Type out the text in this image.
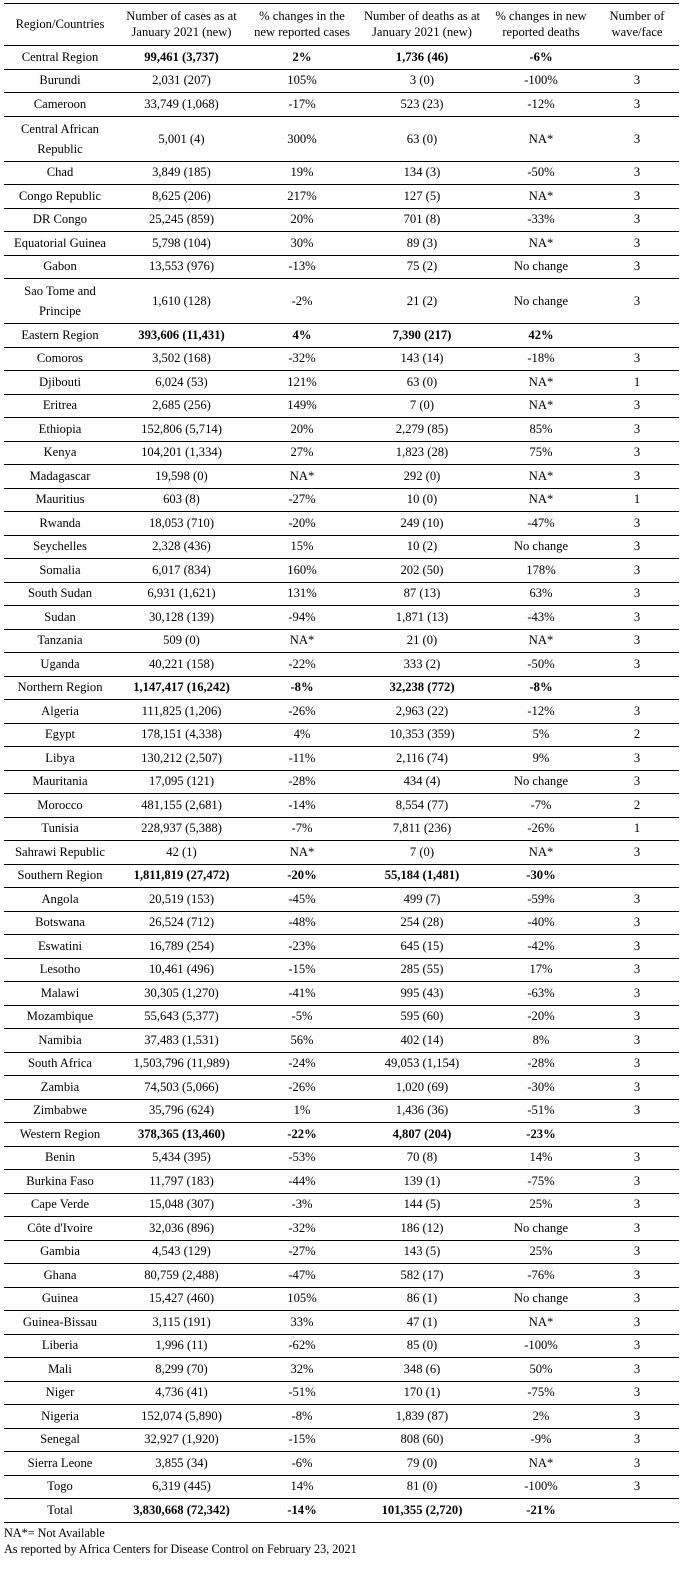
Region/Countries	Number of cases as at January 2021 (new)	% changes in the new reported cases	Number of deaths as at January 2021 (new)	% changes in new reported deaths	Number of wave/face
Central Region	99,461 (3,737)	2%	1,736 (46)	-6%	
Burundi	2,031 (207)	105%	3 (0)	-100%	3
Cameroon	33,749 (1,068)	-17%	523 (23)	-12%	3
Central African Republic	5,001 (4)	300%	63 (0)	NA*	3
Chad	3,849 (185)	19%	134 (3)	-50%	3
Congo Republic	8,625 (206)	217%	127 (5)	NA*	3
DR Congo	25,245 (859)	20%	701 (8)	-33%	3
Equatorial Guinea	5,798 (104)	30%	89 (3)	NA*	3
Gabon	13,553 (976)	-13%	75 (2)	No change	3
Sao Tome and Principe	1,610 (128)	-2%	21 (2)	No change	3
Eastern Region	393,606 (11,431)	4%	7,390 (217)	42%	
Comoros	3,502 (168)	-32%	143 (14)	-18%	3
Djibouti	6,024 (53)	121%	63 (0)	NA*	1
Eritrea	2,685 (256)	149%	7 (0)	NA*	3
Ethiopia	152,806 (5,714)	20%	2,279 (85)	85%	3
Kenya	104,201 (1,334)	27%	1,823 (28)	75%	3
Madagascar	19,598 (0)	NA*	292 (0)	NA*	3
Mauritius	603 (8)	-27%	10 (0)	NA*	1
Rwanda	18,053 (710)	-20%	249 (10)	-47%	3
Seychelles	2,328 (436)	15%	10 (2)	No change	3
Somalia	6,017 (834)	160%	202 (50)	178%	3
South Sudan	6,931 (1,621)	131%	87 (13)	63%	3
Sudan	30,128 (139)	-94%	1,871 (13)	-43%	3
Tanzania	509 (0)	NA*	21 (0)	NA*	3
Uganda	40,221 (158)	-22%	333 (2)	-50%	3
Northern Region	1,147,417 (16,242)	-8%	32,238 (772)	-8%	
Algeria	111,825 (1,206)	-26%	2,963 (22)	-12%	3
Egypt	178,151 (4,338)	4%	10,353 (359)	5%	2
Libya	130,212 (2,507)	-11%	2,116 (74)	9%	3
Mauritania	17,095 (121)	-28%	434 (4)	No change	3
Morocco	481,155 (2,681)	-14%	8,554 (77)	-7%	2
Tunisia	228,937 (5,388)	-7%	7,811 (236)	-26%	1
Sahrawi Republic	42 (1)	NA*	7 (0)	NA*	3
Southern Region	1,811,819 (27,472)	-20%	55,184 (1,481)	-30%	
Angola	20,519 (153)	-45%	499 (7)	-59%	3
Botswana	26,524 (712)	-48%	254 (28)	-40%	3
Eswatini	16,789 (254)	-23%	645 (15)	-42%	3
Lesotho	10,461 (496)	-15%	285 (55)	17%	3
Malawi	30,305 (1,270)	-41%	995 (43)	-63%	3
Mozambique	55,643 (5,377)	-5%	595 (60)	-20%	3
Namibia	37,483 (1,531)	56%	402 (14)	8%	3
South Africa	1,503,796 (11,989)	-24%	49,053 (1,154)	-28%	3
Zambia	74,503 (5,066)	-26%	1,020 (69)	-30%	3
Zimbabwe	35,796 (624)	1%	1,436 (36)	-51%	3
Western Region	378,365 (13,460)	-22%	4,807 (204)	-23%	
Benin	5,434 (395)	-53%	70 (8)	14%	3
Burkina Faso	11,797 (183)	-44%	139 (1)	-75%	3
Cape Verde	15,048 (307)	-3%	144 (5)	25%	3
Côte d'Ivoire	32,036 (896)	-32%	186 (12)	No change	3
Gambia	4,543 (129)	-27%	143 (5)	25%	3
Ghana	80,759 (2,488)	-47%	582 (17)	-76%	3
Guinea	15,427 (460)	105%	86 (1)	No change	3
Guinea-Bissau	3,115 (191)	33%	47 (1)	NA*	3
Liberia	1,996 (11)	-62%	85 (0)	-100%	3
Mali	8,299 (70)	32%	348 (6)	50%	3
Niger	4,736 (41)	-51%	170 (1)	-75%	3
Nigeria	152,074 (5,890)	-8%	1,839 (87)	2%	3
Senegal	32,927 (1,920)	-15%	808 (60)	-9%	3
Sierra Leone	3,855 (34)	-6%	79 (0)	NA*	3
Togo	6,319 (445)	14%	81 (0)	-100%	3
Total	3,830,668 (72,342)	-14%	101,355 (2,720)	-21%	
NA*= Not Available
As reported by Africa Centers for Disease Control on February 23, 2021
